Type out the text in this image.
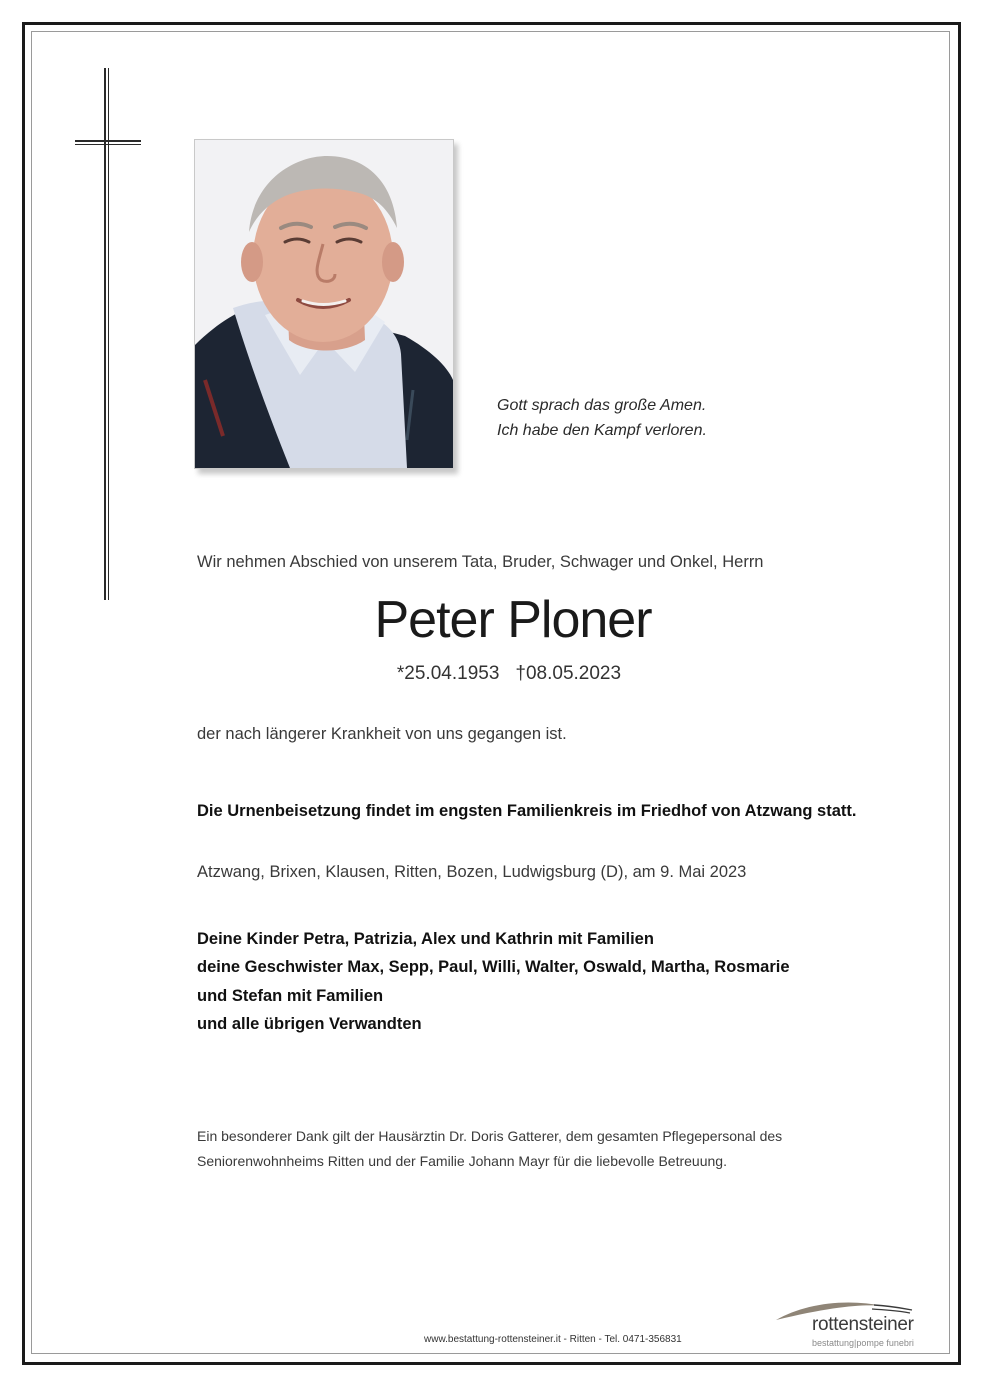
Gott sprach das große Amen.
Ich habe den Kampf verloren.
Wir nehmen Abschied von unserem Tata, Bruder, Schwager und Onkel, Herrn
Peter Ploner
*25.04.1953 †08.05.2023
der nach längerer Krankheit von uns gegangen ist.
Die Urnenbeisetzung findet im engsten Familienkreis im Friedhof von Atzwang statt.
Atzwang, Brixen, Klausen, Ritten, Bozen, Ludwigsburg (D), am 9. Mai 2023
Deine Kinder Petra, Patrizia, Alex und Kathrin mit Familien
deine Geschwister Max, Sepp, Paul, Willi, Walter, Oswald, Martha, Rosmarie
und Stefan mit Familien
und alle übrigen Verwandten
Ein besonderer Dank gilt der Hausärztin Dr. Doris Gatterer, dem gesamten Pflegepersonal des
Seniorenwohnheims Ritten und der Familie Johann Mayr für die liebevolle Betreuung.
www.bestattung-rottensteiner.it - Ritten - Tel. 0471-356831
rottensteiner
bestattung|pompe funebri
